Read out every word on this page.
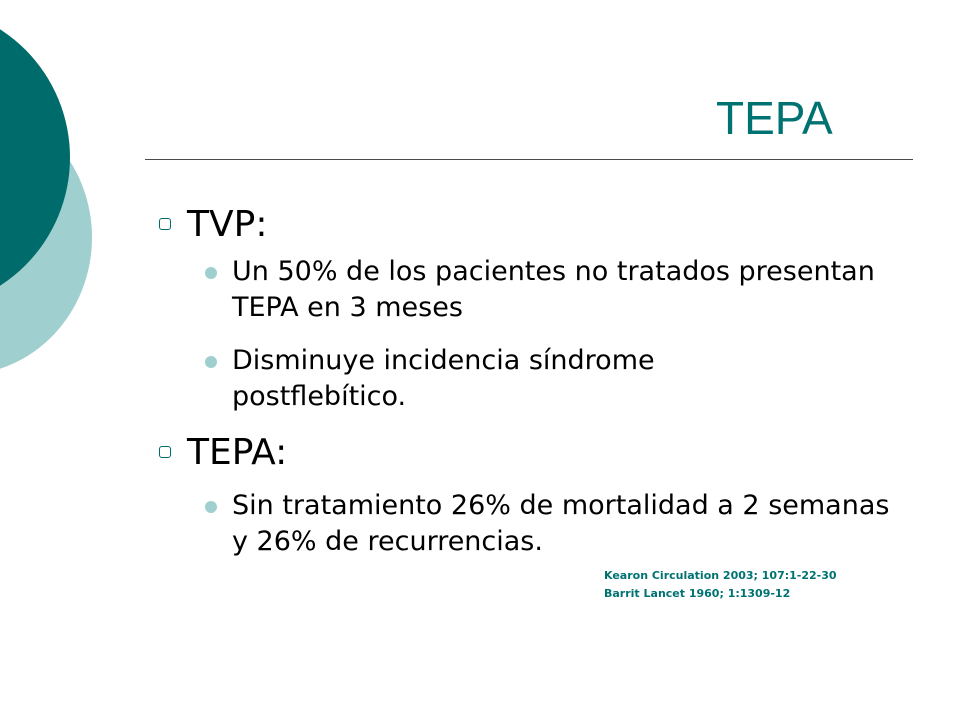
TEPA
TVP:
Un 50% de los pacientes no tratados presentan TEPA en 3 meses
Disminuye incidencia síndrome postflebítico.
TEPA:
Sin tratamiento 26% de mortalidad a 2 semanas y 26% de recurrencias.
Kearon Circulation 2003; 107:1-22-30
Barrit Lancet 1960; 1:1309-12
